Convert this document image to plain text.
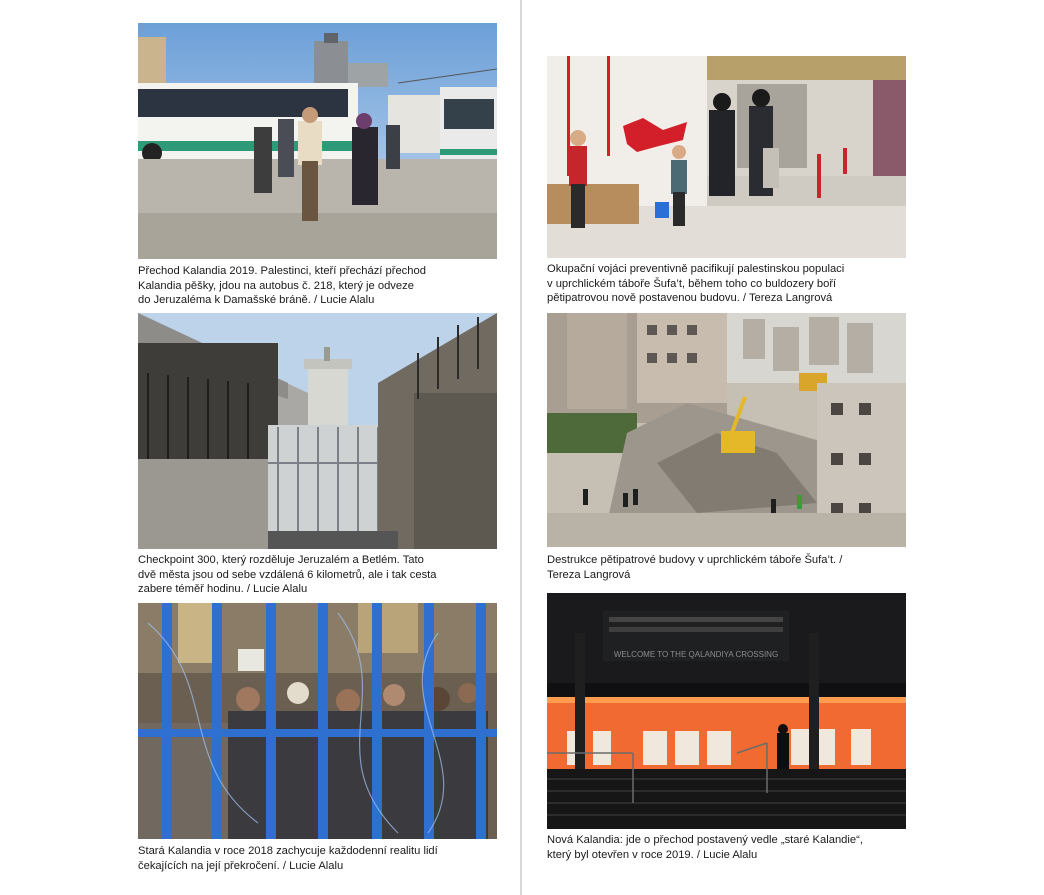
Přechod Kalandia 2019. Palestinci, kteří přechází přechod
Kalandia pěšky, jdou na autobus č. 218, který je odveze
do Jeruzaléma k Damašské bráně. / Lucie Alalu

Checkpoint 300, který rozděluje Jeruzalém a Betlém. Tato
dvě města jsou od sebe vzdálená 6 kilometrů, ale i tak cesta
zabere téměř hodinu. / Lucie Alalu

Stará Kalandia v roce 2018 zachycuje každodenní realitu lidí
čekajících na její překročení. / Lucie Alalu

Okupační vojáci preventivně pacifikují palestinskou populaci
v uprchlickém táboře Šufa’t, během toho co buldozery boří
pětipatrovou nově postavenou budovu. / Tereza Langrová

Destrukce pětipatrové budovy v uprchlickém táboře Šufa’t. /
Tereza Langrová

WELCOME TO THE QALANDIYA CROSSING

Nová Kalandia: jde o přechod postavený vedle „staré Kalandie“,
který byl otevřen v roce 2019. / Lucie Alalu
